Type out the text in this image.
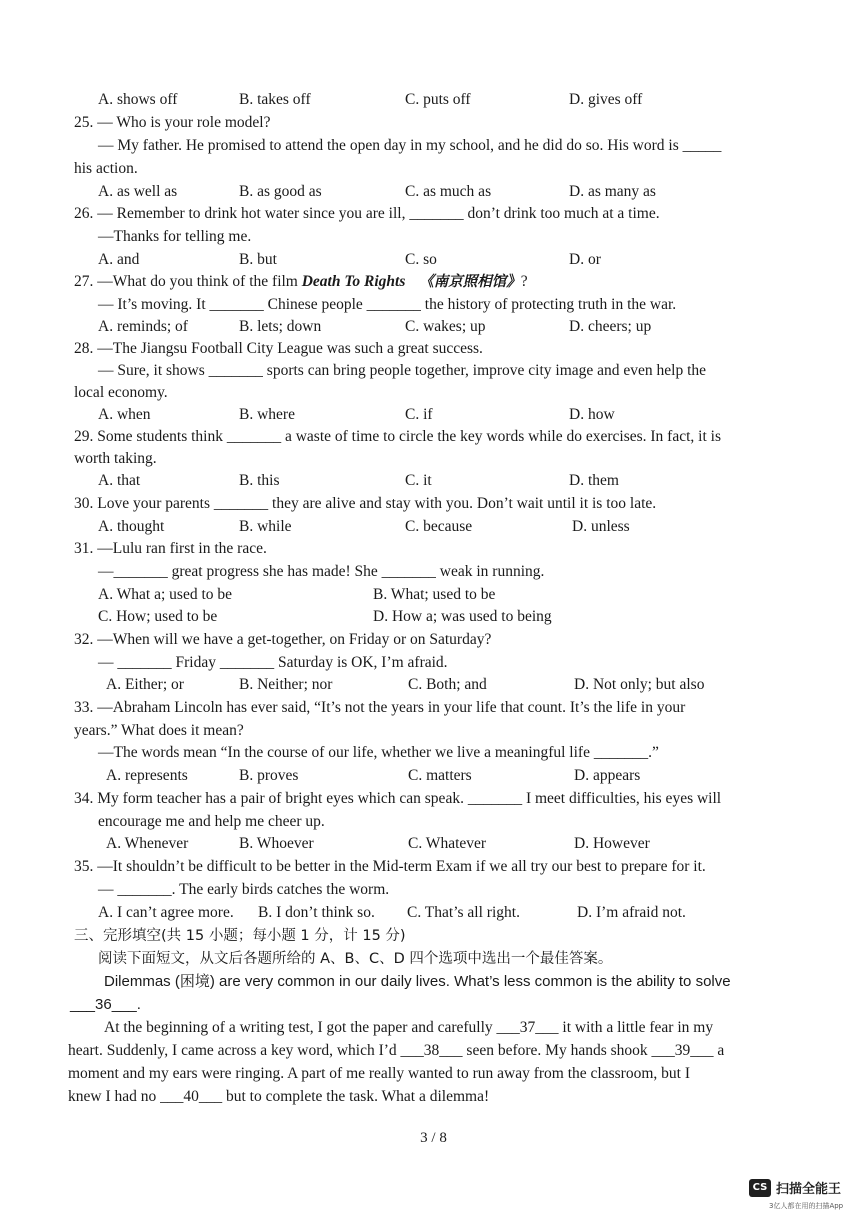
A. shows off	B. takes off	C. puts off	D. gives off
25. — Who is your role model?
— My father. He promised to attend the open day in my school, and he did do so. His word is _____
his action.
A. as well as	B. as good as	C. as much as	D. as many as
26. — Remember to drink hot water since you are ill, _______ don’t drink too much at a time.
—Thanks for telling me.
A. and	B. but	C. so	D. or
27. —What do you think of the film Death To Rights 《南京照相馆》?
— It’s moving. It _______ Chinese people _______ the history of protecting truth in the war.
A. reminds; of	B. lets; down	C. wakes; up	D. cheers; up
28. —The Jiangsu Football City League was such a great success.
— Sure, it shows _______ sports can bring people together, improve city image and even help the
local economy.
A. when	B. where	C. if	D. how
29. Some students think _______ a waste of time to circle the key words while do exercises. In fact, it is
worth taking.
A. that	B. this	C. it	D. them
30. Love your parents _______ they are alive and stay with you. Don’t wait until it is too late.
A. thought	B. while	C. because	D. unless
31. —Lulu ran first in the race.
—_______ great progress she has made! She _______ weak in running.
A. What a; used to be	B. What; used to be
C. How; used to be	D. How a; was used to being
32. —When will we have a get-together, on Friday or on Saturday?
— _______ Friday _______ Saturday is OK, I’m afraid.
A. Either; or	B. Neither; nor	C. Both; and	D. Not only; but also
33. —Abraham Lincoln has ever said, “It’s not the years in your life that count. It’s the life in your
years.” What does it mean?
—The words mean “In the course of our life, whether we live a meaningful life _______.”
A. represents	B. proves	C. matters	D. appears
34. My form teacher has a pair of bright eyes which can speak. _______ I meet difficulties, his eyes will
encourage me and help me cheer up.
A. Whenever	B. Whoever	C. Whatever	D. However
35. —It shouldn’t be difficult to be better in the Mid-term Exam if we all try our best to prepare for it.
— _______. The early birds catches the worm.
A. I can’t agree more. B. I don’t think so. C. That’s all right.	D. I’m afraid not.
三、完形填空(共 15 小题；每小题 1 分，计 15 分)
阅读下面短文，从文后各题所给的 A、B、C、D 四个选项中选出一个最佳答案。
Dilemmas (困境) are very common in our daily lives. What’s less common is the ability to solve
___36___.
At the beginning of a writing test, I got the paper and carefully ___37___ it with a little fear in my
heart. Suddenly, I came across a key word, which I’d ___38___ seen before. My hands shook ___39___ a
moment and my ears were ringing. A part of me really wanted to run away from the classroom, but I
knew I had no ___40___ but to complete the task. What a dilemma!
3 / 8
CS 扫描全能王
3亿人都在用的扫描App
